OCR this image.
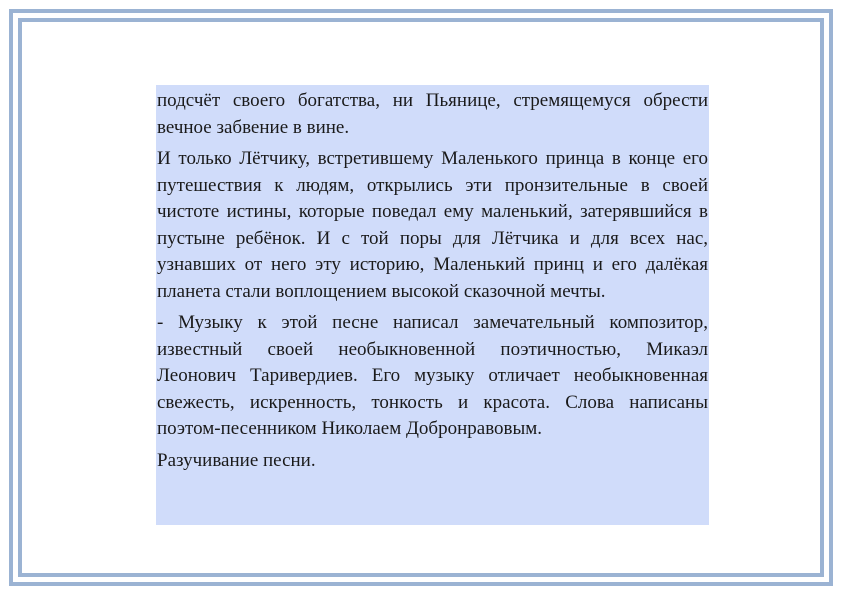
подсчёт своего богатства, ни Пьянице, стремящемуся обрести вечное забвение в вине.

И только Лётчику, встретившему Маленького принца в конце его путешествия к людям, открылись эти пронзительные в своей чистоте истины, которые поведал ему маленький, затерявшийся в пустыне ребёнок. И с той поры для Лётчика и для всех нас, узнавших от него эту историю, Маленький принц и его далёкая планета стали воплощением высокой сказочной мечты.

- Музыку к этой песне написал замечательный композитор, известный своей необыкновенной поэтичностью, Микаэл Леонович Таривердиев. Его музыку отличает необыкновенная свежесть, искренность, тонкость и красота. Слова написаны поэтом-песенником Николаем Добронравовым.

Разучивание песни.
